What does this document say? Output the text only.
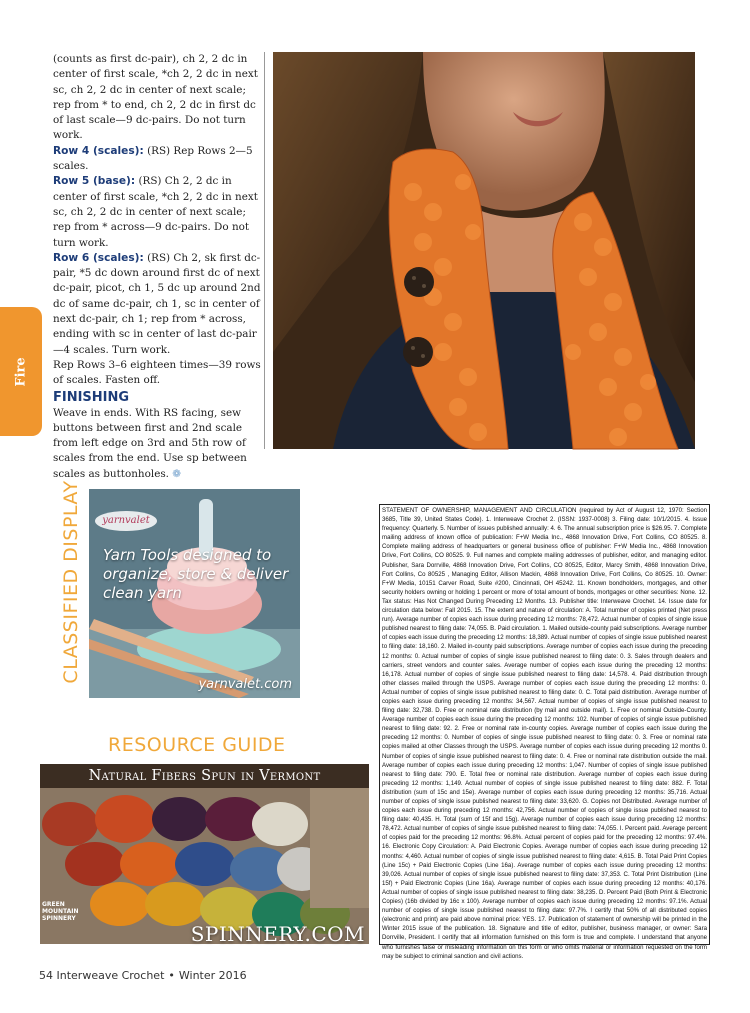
Fire

(counts as first dc-pair), ch 2, 2 dc in center of first scale, *ch 2, 2 dc in next sc, ch 2, 2 dc in center of next scale; rep from * to end, ch 2, 2 dc in first dc of last scale—9 dc-pairs. Do not turn work.

Row 4 (scales): (RS) Rep Rows 2—5 scales.

Row 5 (base): (RS) Ch 2, 2 dc in center of first scale, *ch 2, 2 dc in next sc, ch 2, 2 dc in center of next scale; rep from * across—9 dc-pairs. Do not turn work.

Row 6 (scales): (RS) Ch 2, sk first dc-pair, *5 dc down around first dc of next dc-pair, picot, ch 1, 5 dc up around 2nd dc of same dc-pair, ch 1, sc in center of next dc-pair, ch 1; rep from * across, ending with sc in center of last dc-pair—4 scales. Turn work.

Rep Rows 3–6 eighteen times—39 rows of scales. Fasten off.

FINISHING

Weave in ends. With RS facing, sew buttons between first and 2nd scale from left edge on 3rd and 5th row of scales from the end. Use sp between scales as buttonholes. ❁

CLASSIFIED DISPLAY	yarnvalet
Yarn Tools designed to organize, store & deliver clean yarn
yarnvalet.com
RESOURCE GUIDE
Natural Fibers Spun in Vermont
GREEN
MOUNTAIN
SPINNERY
SPINNERY.COM
STATEMENT OF OWNERSHIP, MANAGEMENT AND CIRCULATION (required by Act of August 12, 1970: Section 3685, Title 39, United States Code). 1. Interweave Crochet 2. (ISSN: 1937-0008) 3. Filing date: 10/1/2015. 4. Issue frequency: Quarterly. 5. Number of issues published annually: 4. 6. The annual subscription price is $26.95. 7. Complete mailing address of known office of publication: F+W Media Inc., 4868 Innovation Drive, Fort Collins, CO 80525. 8. Complete mailing address of headquarters or general business office of publisher: F+W Media Inc., 4868 Innovation Drive, Fort Collins, CO 80525. 9. Full names and complete mailing addresses of publisher, editor, and managing editor. Publisher, Sara Dorrville, 4868 Innovation Drive, Fort Collins, CO 80525, Editor, Marcy Smith, 4868 Innovation Drive, Fort Collins, Co 80525 , Managing Editor, Allison Mackin, 4868 Innovation Drive, Fort Collins, Co 80525. 10. Owner: F+W Media, 10151 Carver Road, Suite #200, Cincinnati, OH 45242. 11. Known bondholders, mortgages, and other security holders owning or holding 1 percent or more of total amount of bonds, mortgages or other securities: None. 12. Tax status: Has Not Changed During Preceding 12 Months. 13. Publisher title: Interweave Crochet. 14. Issue date for circulation data below: Fall 2015. 15. The extent and nature of circulation: A. Total number of copies printed (Net press run). Average number of copies each issue during preceding 12 months: 78,472. Actual number of copies of single issue published nearest to filing date: 74,055. B. Paid circulation. 1. Mailed outside-county paid subscriptions. Average number of copies each issue during the preceding 12 months: 18,389. Actual number of copies of single issue published nearest to filing date: 18,160. 2. Mailed in-county paid subscriptions. Average number of copies each issue during the preceding 12 months: 0. Actual number of copies of single issue published nearest to filing date: 0. 3. Sales through dealers and carriers, street vendors and counter sales. Average number of copies each issue during the preceding 12 months: 16,178. Actual number of copies of single issue published nearest to filing date: 14,578. 4. Paid distribution through other classes mailed through the USPS. Average number of copies each issue during the preceding 12 months: 0. Actual number of copies of single issue published nearest to filing date: 0. C. Total paid distribution. Average number of copies each issue during preceding 12 months: 34,567. Actual number of copies of single issue published nearest to filing date: 32,738. D. Free or nominal rate distribution (by mail and outside mail). 1. Free or nominal Outside-County. Average number of copies each issue during the preceding 12 months: 102. Number of copies of single issue published nearest to filing date: 92. 2. Free or nominal rate in-county copies. Average number of copies each issue during the preceding 12 months: 0. Number of copies of single issue published nearest to filing date: 0. 3. Free or nominal rate copies mailed at other Classes through the USPS. Average number of copies each issue during preceding 12 months 0. Number of copies of single issue published nearest to filing date: 0. 4. Free or nominal rate distribution outside the mail. Average number of copies each issue during preceding 12 months: 1,047. Number of copies of single issue published nearest to filing date: 790. E. Total free or nominal rate distribution. Average number of copies each issue during preceding 12 months: 1,149. Actual number of copies of single issue published nearest to filing date: 882. F. Total distribution (sum of 15c and 15e). Average number of copies each issue during preceding 12 months: 35,716. Actual number of copies of single issue published nearest to filing date: 33,620. G. Copies not Distributed. Average number of copies each issue during preceding 12 months: 42,756. Actual number of copies of single issue published nearest to filing date: 40,435. H. Total (sum of 15f and 15g). Average number of copies each issue during preceding 12 months: 78,472. Actual number of copies of single issue published nearest to filing date: 74,055. I. Percent paid. Average percent of copies paid for the preceding 12 months: 96.8%. Actual percent of copies paid for the preceding 12 months: 97.4%. 16. Electronic Copy Circulation: A. Paid Electronic Copies. Average number of copies each issue during preceding 12 months: 4,460. Actual number of copies of single issue published nearest to filing date: 4,615. B. Total Paid Print Copies (Line 15c) + Paid Electronic Copies (Line 16a). Average number of copies each issue during preceding 12 months: 39,026. Actual number of copies of single issue published nearest to filing date: 37,353. C. Total Print Distribution (Line 15f) + Paid Electronic Copies (Line 16a). Average number of copies each issue during preceding 12 months: 40,176. Actual number of copies of single issue published nearest to filing date: 38,235. D. Percent Paid (Both Print & Electronic Copies) (16b divided by 16c x 100). Average number of copies each issue during preceding 12 months: 97.1%. Actual number of copies of single issue published nearest to filing date: 97.7%. I certify that 50% of all distributed copies (electronic and print) are paid above nominal price: YES. 17. Publication of statement of ownership will be printed in the Winter 2015 issue of the publication. 18. Signature and title of editor, publisher, business manager, or owner: Sara Dorrville, President. I certify that all information furnished on this form is true and complete. I understand that anyone who furnishes false or misleading information on this form or who omits material or information requested on the form may be subject to criminal sanction and civil actions.
54 Interweave Crochet • Winter 2016
